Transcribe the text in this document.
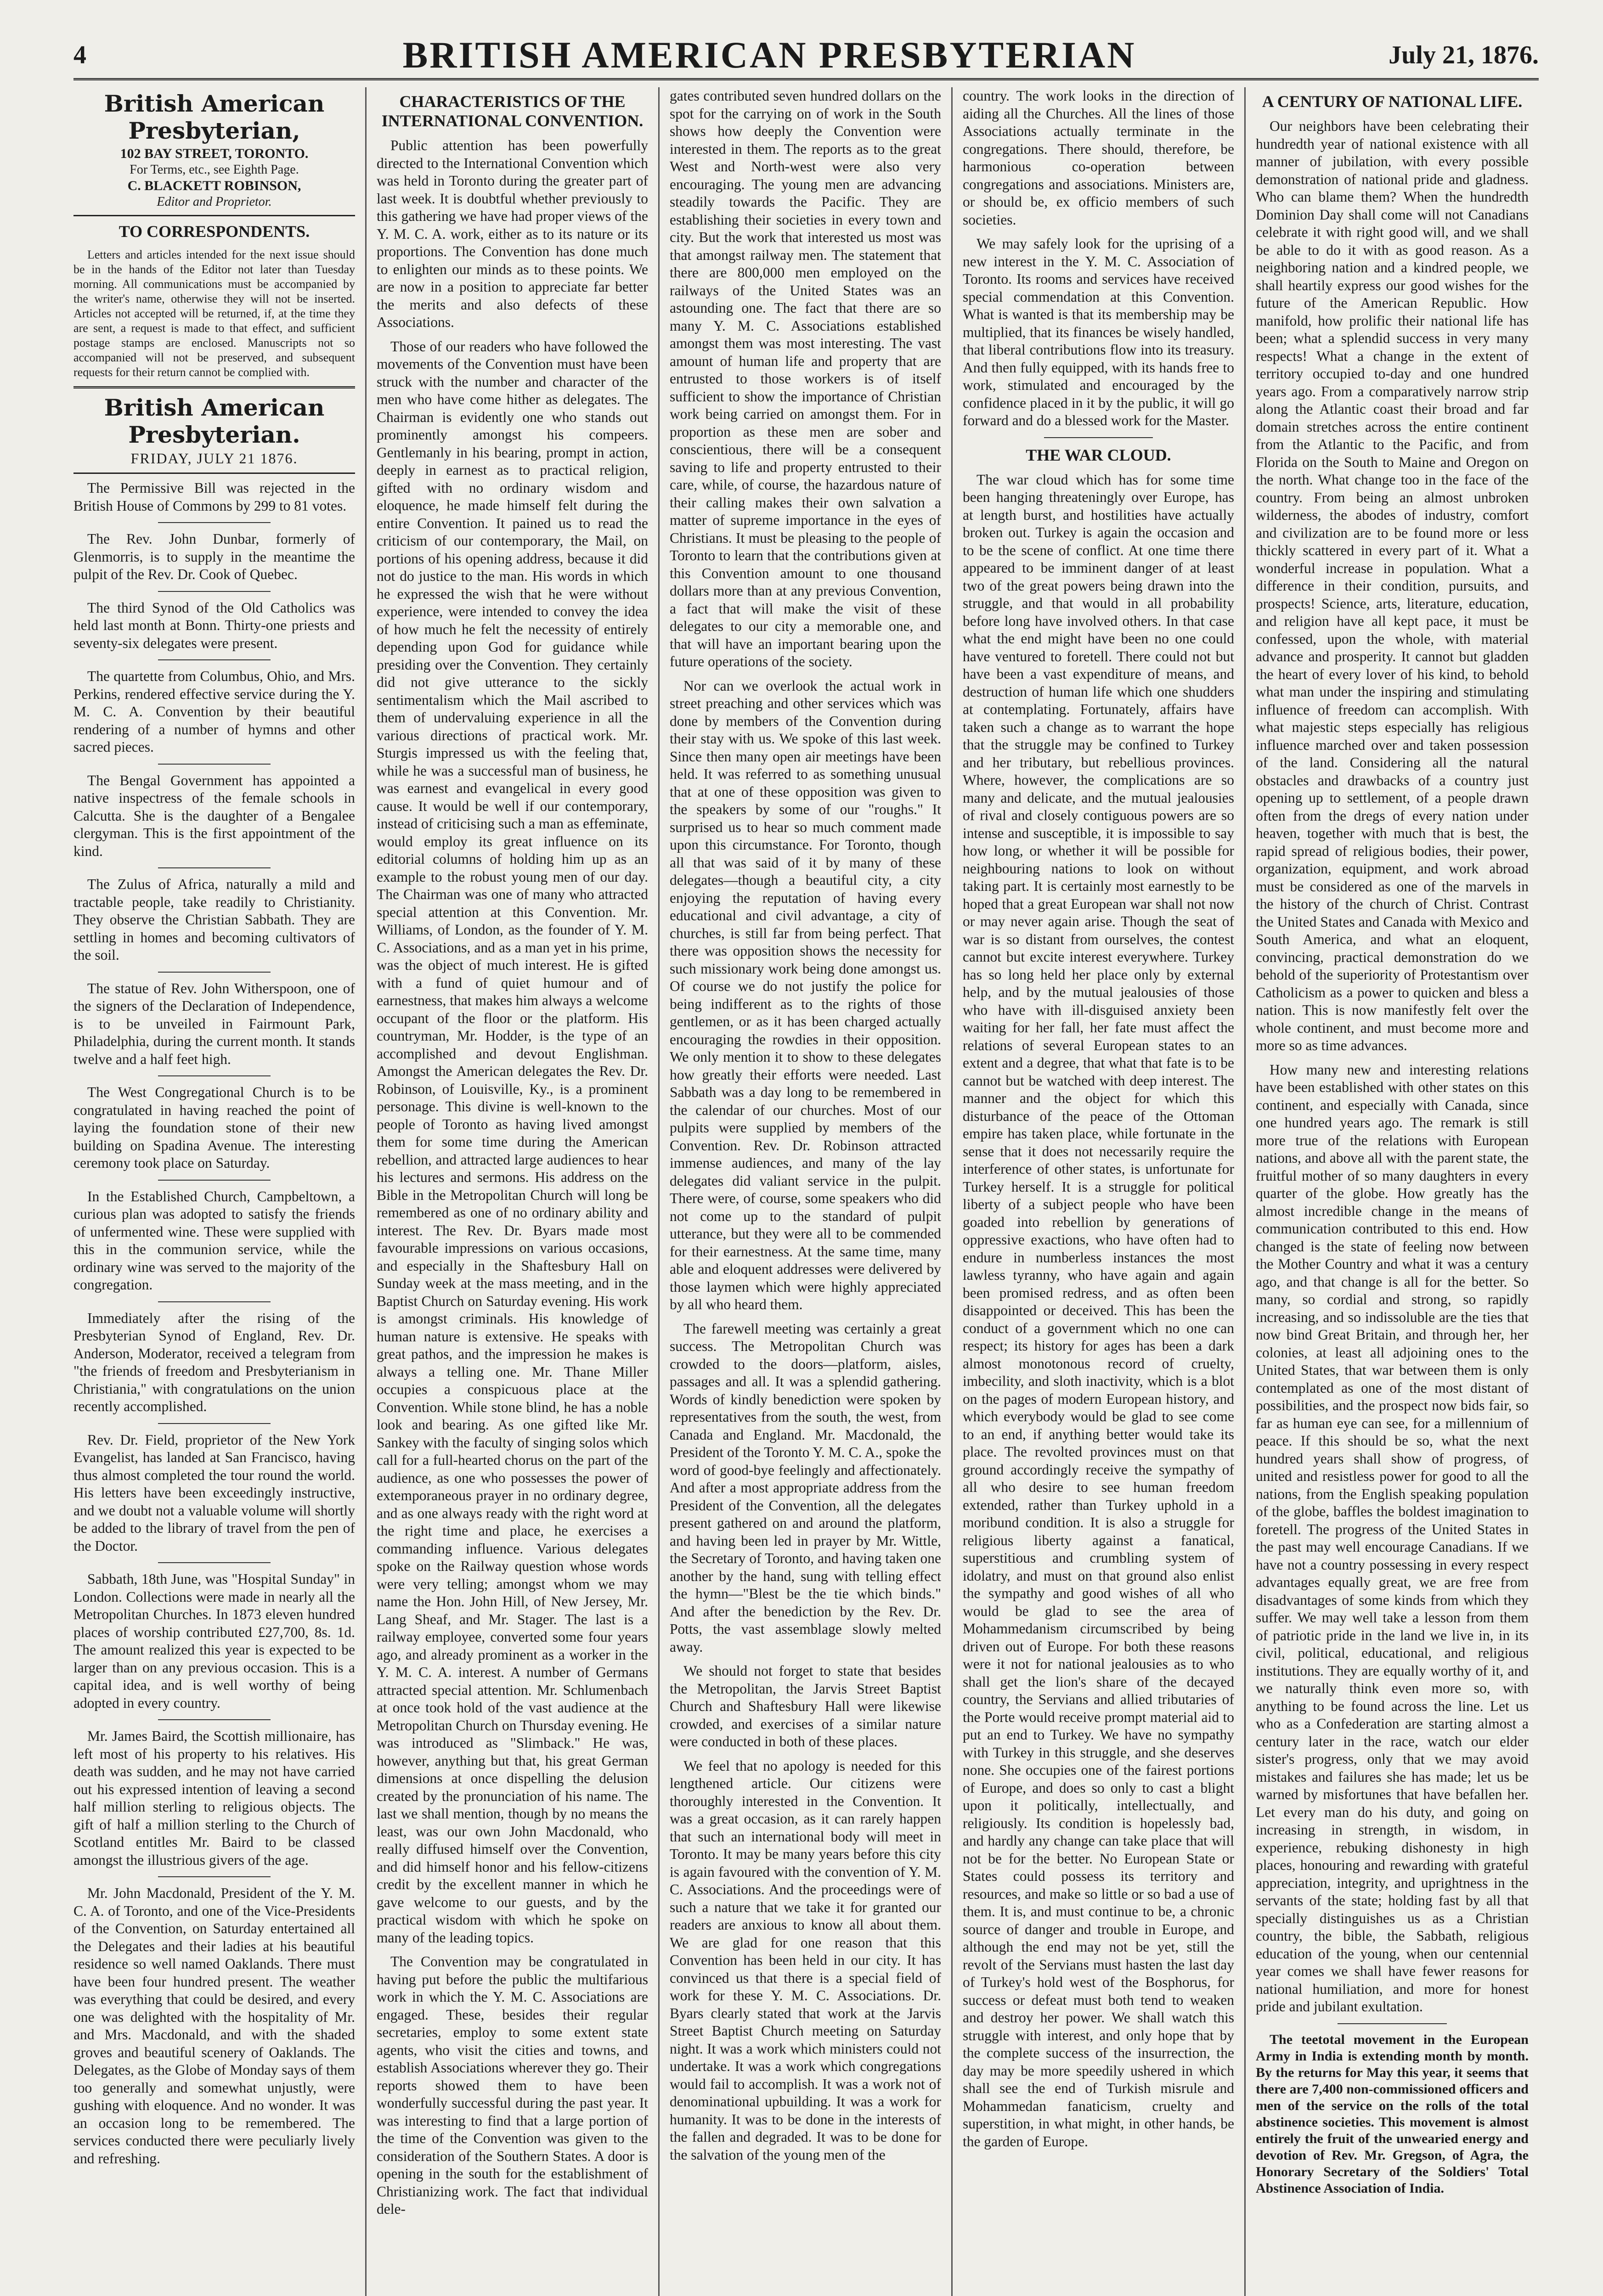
4	BRITISH AMERICAN PRESBYTERIAN	July 21, 1876.
British American Presbyterian,
102 BAY STREET, TORONTO.
For Terms, etc., see Eighth Page.
C. BLACKETT ROBINSON,
Editor and Proprietor.
TO CORRESPONDENTS.

Letters and articles intended for the next issue should be in the hands of the Editor not later than Tuesday morning. All communications must be accompanied by the writer's name, otherwise they will not be inserted. Articles not accepted will be returned, if, at the time they are sent, a request is made to that effect, and sufficient postage stamps are enclosed. Manuscripts not so accompanied will not be preserved, and subsequent requests for their return cannot be complied with.

British American Presbyterian.
FRIDAY, JULY 21 1876.

The Permissive Bill was rejected in the British House of Commons by 299 to 81 votes.

The Rev. John Dunbar, formerly of Glenmorris, is to supply in the meantime the pulpit of the Rev. Dr. Cook of Quebec.

The third Synod of the Old Catholics was held last month at Bonn. Thirty-one priests and seventy-six delegates were present.

The quartette from Columbus, Ohio, and Mrs. Perkins, rendered effective service during the Y. M. C. A. Convention by their beautiful rendering of a number of hymns and other sacred pieces.

The Bengal Government has appointed a native inspectress of the female schools in Calcutta. She is the daughter of a Bengalee clergyman. This is the first appointment of the kind.

The Zulus of Africa, naturally a mild and tractable people, take readily to Christianity. They observe the Christian Sabbath. They are settling in homes and becoming cultivators of the soil.

The statue of Rev. John Witherspoon, one of the signers of the Declaration of Independence, is to be unveiled in Fairmount Park, Philadelphia, during the current month. It stands twelve and a half feet high.

The West Congregational Church is to be congratulated in having reached the point of laying the foundation stone of their new building on Spadina Avenue. The interesting ceremony took place on Saturday.

In the Established Church, Campbeltown, a curious plan was adopted to satisfy the friends of unfermented wine. These were supplied with this in the communion service, while the ordinary wine was served to the majority of the congregation.

Immediately after the rising of the Presbyterian Synod of England, Rev. Dr. Anderson, Moderator, received a telegram from "the friends of freedom and Presbyterianism in Christiania," with congratulations on the union recently accomplished.

Rev. Dr. Field, proprietor of the New York Evangelist, has landed at San Francisco, having thus almost completed the tour round the world. His letters have been exceedingly instructive, and we doubt not a valuable volume will shortly be added to the library of travel from the pen of the Doctor.

Sabbath, 18th June, was "Hospital Sunday" in London. Collections were made in nearly all the Metropolitan Churches. In 1873 eleven hundred places of worship contributed £27,700, 8s. 1d. The amount realized this year is expected to be larger than on any previous occasion. This is a capital idea, and is well worthy of being adopted in every country.

Mr. James Baird, the Scottish millionaire, has left most of his property to his relatives. His death was sudden, and he may not have carried out his expressed intention of leaving a second half million sterling to religious objects. The gift of half a million sterling to the Church of Scotland entitles Mr. Baird to be classed amongst the illustrious givers of the age.

Mr. John Macdonald, President of the Y. M. C. A. of Toronto, and one of the Vice-Presidents of the Convention, on Saturday entertained all the Delegates and their ladies at his beautiful residence so well named Oaklands. There must have been four hundred present. The weather was everything that could be desired, and every one was delighted with the hospitality of Mr. and Mrs. Macdonald, and with the shaded groves and beautiful scenery of Oaklands. The Delegates, as the Globe of Monday says of them too generally and somewhat unjustly, were gushing with eloquence. And no wonder. It was an occasion long to be remembered. The services conducted there were peculiarly lively and refreshing.

CHARACTERISTICS OF THE INTERNATIONAL CONVENTION.

Public attention has been powerfully directed to the International Convention which was held in Toronto during the greater part of last week. It is doubtful whether previously to this gathering we have had proper views of the Y. M. C. A. work, either as to its nature or its proportions. The Convention has done much to enlighten our minds as to these points. We are now in a position to appreciate far better the merits and also defects of these Associations.

Those of our readers who have followed the movements of the Convention must have been struck with the number and character of the men who have come hither as delegates. The Chairman is evidently one who stands out prominently amongst his compeers. Gentlemanly in his bearing, prompt in action, deeply in earnest as to practical religion, gifted with no ordinary wisdom and eloquence, he made himself felt during the entire Convention. It pained us to read the criticism of our contemporary, the Mail, on portions of his opening address, because it did not do justice to the man. His words in which he expressed the wish that he were without experience, were intended to convey the idea of how much he felt the necessity of entirely depending upon God for guidance while presiding over the Convention. They certainly did not give utterance to the sickly sentimentalism which the Mail ascribed to them of undervaluing experience in all the various directions of practical work. Mr. Sturgis impressed us with the feeling that, while he was a successful man of business, he was earnest and evangelical in every good cause. It would be well if our contemporary, instead of criticising such a man as effeminate, would employ its great influence on its editorial columns of holding him up as an example to the robust young men of our day. The Chairman was one of many who attracted special attention at this Convention. Mr. Williams, of London, as the founder of Y. M. C. Associations, and as a man yet in his prime, was the object of much interest. He is gifted with a fund of quiet humour and of earnestness, that makes him always a welcome occupant of the floor or the platform. His countryman, Mr. Hodder, is the type of an accomplished and devout Englishman. Amongst the American delegates the Rev. Dr. Robinson, of Louisville, Ky., is a prominent personage. This divine is well-known to the people of Toronto as having lived amongst them for some time during the American rebellion, and attracted large audiences to hear his lectures and sermons. His address on the Bible in the Metropolitan Church will long be remembered as one of no ordinary ability and interest. The Rev. Dr. Byars made most favourable impressions on various occasions, and especially in the Shaftesbury Hall on Sunday week at the mass meeting, and in the Baptist Church on Saturday evening. His work is amongst criminals. His knowledge of human nature is extensive. He speaks with great pathos, and the impression he makes is always a telling one. Mr. Thane Miller occupies a conspicuous place at the Convention. While stone blind, he has a noble look and bearing. As one gifted like Mr. Sankey with the faculty of singing solos which call for a full-hearted chorus on the part of the audience, as one who possesses the power of extemporaneous prayer in no ordinary degree, and as one always ready with the right word at the right time and place, he exercises a commanding influence. Various delegates spoke on the Railway question whose words were very telling; amongst whom we may name the Hon. John Hill, of New Jersey, Mr. Lang Sheaf, and Mr. Stager. The last is a railway employee, converted some four years ago, and already prominent as a worker in the Y. M. C. A. interest. A number of Germans attracted special attention. Mr. Schlumenbach at once took hold of the vast audience at the Metropolitan Church on Thursday evening. He was introduced as "Slimback." He was, however, anything but that, his great German dimensions at once dispelling the delusion created by the pronunciation of his name. The last we shall mention, though by no means the least, was our own John Macdonald, who really diffused himself over the Convention, and did himself honor and his fellow-citizens credit by the excellent manner in which he gave welcome to our guests, and by the practical wisdom with which he spoke on many of the leading topics.

The Convention may be congratulated in having put before the public the multifarious work in which the Y. M. C. Associations are engaged. These, besides their regular secretaries, employ to some extent state agents, who visit the cities and towns, and establish Associations wherever they go. Their reports showed them to have been wonderfully successful during the past year. It was interesting to find that a large portion of the time of the Convention was given to the consideration of the Southern States. A door is opening in the south for the establishment of Christianizing work. The fact that individual dele-

gates contributed seven hundred dollars on the spot for the carrying on of work in the South shows how deeply the Convention were interested in them. The reports as to the great West and North-west were also very encouraging. The young men are advancing steadily towards the Pacific. They are establishing their societies in every town and city. But the work that interested us most was that amongst railway men. The statement that there are 800,000 men employed on the railways of the United States was an astounding one. The fact that there are so many Y. M. C. Associations established amongst them was most interesting. The vast amount of human life and property that are entrusted to those workers is of itself sufficient to show the importance of Christian work being carried on amongst them. For in proportion as these men are sober and conscientious, there will be a consequent saving to life and property entrusted to their care, while, of course, the hazardous nature of their calling makes their own salvation a matter of supreme importance in the eyes of Christians. It must be pleasing to the people of Toronto to learn that the contributions given at this Convention amount to one thousand dollars more than at any previous Convention, a fact that will make the visit of these delegates to our city a memorable one, and that will have an important bearing upon the future operations of the society.

Nor can we overlook the actual work in street preaching and other services which was done by members of the Convention during their stay with us. We spoke of this last week. Since then many open air meetings have been held. It was referred to as something unusual that at one of these opposition was given to the speakers by some of our "roughs." It surprised us to hear so much comment made upon this circumstance. For Toronto, though all that was said of it by many of these delegates—though a beautiful city, a city enjoying the reputation of having every educational and civil advantage, a city of churches, is still far from being perfect. That there was opposition shows the necessity for such missionary work being done amongst us. Of course we do not justify the police for being indifferent as to the rights of those gentlemen, or as it has been charged actually encouraging the rowdies in their opposition. We only mention it to show to these delegates how greatly their efforts were needed. Last Sabbath was a day long to be remembered in the calendar of our churches. Most of our pulpits were supplied by members of the Convention. Rev. Dr. Robinson attracted immense audiences, and many of the lay delegates did valiant service in the pulpit. There were, of course, some speakers who did not come up to the standard of pulpit utterance, but they were all to be commended for their earnestness. At the same time, many able and eloquent addresses were delivered by those laymen which were highly appreciated by all who heard them.

The farewell meeting was certainly a great success. The Metropolitan Church was crowded to the doors—platform, aisles, passages and all. It was a splendid gathering. Words of kindly benediction were spoken by representatives from the south, the west, from Canada and England. Mr. Macdonald, the President of the Toronto Y. M. C. A., spoke the word of good-bye feelingly and affectionately. And after a most appropriate address from the President of the Convention, all the delegates present gathered on and around the platform, and having been led in prayer by Mr. Wittle, the Secretary of Toronto, and having taken one another by the hand, sung with telling effect the hymn—"Blest be the tie which binds." And after the benediction by the Rev. Dr. Potts, the vast assemblage slowly melted away.

We should not forget to state that besides the Metropolitan, the Jarvis Street Baptist Church and Shaftesbury Hall were likewise crowded, and exercises of a similar nature were conducted in both of these places.

We feel that no apology is needed for this lengthened article. Our citizens were thoroughly interested in the Convention. It was a great occasion, as it can rarely happen that such an international body will meet in Toronto. It may be many years before this city is again favoured with the convention of Y. M. C. Associations. And the proceedings were of such a nature that we take it for granted our readers are anxious to know all about them. We are glad for one reason that this Convention has been held in our city. It has convinced us that there is a special field of work for these Y. M. C. Associations. Dr. Byars clearly stated that work at the Jarvis Street Baptist Church meeting on Saturday night. It was a work which ministers could not undertake. It was a work which congregations would fail to accomplish. It was a work not of denominational upbuilding. It was a work for humanity. It was to be done in the interests of the fallen and degraded. It was to be done for the salvation of the young men of the

country. The work looks in the direction of aiding all the Churches. All the lines of those Associations actually terminate in the congregations. There should, therefore, be harmonious co-operation between congregations and associations. Ministers are, or should be, ex officio members of such societies.

We may safely look for the uprising of a new interest in the Y. M. C. Association of Toronto. Its rooms and services have received special commendation at this Convention. What is wanted is that its membership may be multiplied, that its finances be wisely handled, that liberal contributions flow into its treasury. And then fully equipped, with its hands free to work, stimulated and encouraged by the confidence placed in it by the public, it will go forward and do a blessed work for the Master.

THE WAR CLOUD.

The war cloud which has for some time been hanging threateningly over Europe, has at length burst, and hostilities have actually broken out. Turkey is again the occasion and to be the scene of conflict. At one time there appeared to be imminent danger of at least two of the great powers being drawn into the struggle, and that would in all probability before long have involved others. In that case what the end might have been no one could have ventured to foretell. There could not but have been a vast expenditure of means, and destruction of human life which one shudders at contemplating. Fortunately, affairs have taken such a change as to warrant the hope that the struggle may be confined to Turkey and her tributary, but rebellious provinces. Where, however, the complications are so many and delicate, and the mutual jealousies of rival and closely contiguous powers are so intense and susceptible, it is impossible to say how long, or whether it will be possible for neighbouring nations to look on without taking part. It is certainly most earnestly to be hoped that a great European war shall not now or may never again arise. Though the seat of war is so distant from ourselves, the contest cannot but excite interest everywhere. Turkey has so long held her place only by external help, and by the mutual jealousies of those who have with ill-disguised anxiety been waiting for her fall, her fate must affect the relations of several European states to an extent and a degree, that what that fate is to be cannot but be watched with deep interest. The manner and the object for which this disturbance of the peace of the Ottoman empire has taken place, while fortunate in the sense that it does not necessarily require the interference of other states, is unfortunate for Turkey herself. It is a struggle for political liberty of a subject people who have been goaded into rebellion by generations of oppressive exactions, who have often had to endure in numberless instances the most lawless tyranny, who have again and again been promised redress, and as often been disappointed or deceived. This has been the conduct of a government which no one can respect; its history for ages has been a dark almost monotonous record of cruelty, imbecility, and sloth inactivity, which is a blot on the pages of modern European history, and which everybody would be glad to see come to an end, if anything better would take its place. The revolted provinces must on that ground accordingly receive the sympathy of all who desire to see human freedom extended, rather than Turkey uphold in a moribund condition. It is also a struggle for religious liberty against a fanatical, superstitious and crumbling system of idolatry, and must on that ground also enlist the sympathy and good wishes of all who would be glad to see the area of Mohammedanism circumscribed by being driven out of Europe. For both these reasons were it not for national jealousies as to who shall get the lion's share of the decayed country, the Servians and allied tributaries of the Porte would receive prompt material aid to put an end to Turkey. We have no sympathy with Turkey in this struggle, and she deserves none. She occupies one of the fairest portions of Europe, and does so only to cast a blight upon it politically, intellectually, and religiously. Its condition is hopelessly bad, and hardly any change can take place that will not be for the better. No European State or States could possess its territory and resources, and make so little or so bad a use of them. It is, and must continue to be, a chronic source of danger and trouble in Europe, and although the end may not be yet, still the revolt of the Servians must hasten the last day of Turkey's hold west of the Bosphorus, for success or defeat must both tend to weaken and destroy her power. We shall watch this struggle with interest, and only hope that by the complete success of the insurrection, the day may be more speedily ushered in which shall see the end of Turkish misrule and Mohammedan fanaticism, cruelty and superstition, in what might, in other hands, be the garden of Europe.

A CENTURY OF NATIONAL LIFE.

Our neighbors have been celebrating their hundredth year of national existence with all manner of jubilation, with every possible demonstration of national pride and gladness. Who can blame them? When the hundredth Dominion Day shall come will not Canadians celebrate it with right good will, and we shall be able to do it with as good reason. As a neighboring nation and a kindred people, we shall heartily express our good wishes for the future of the American Republic. How manifold, how prolific their national life has been; what a splendid success in very many respects! What a change in the extent of territory occupied to-day and one hundred years ago. From a comparatively narrow strip along the Atlantic coast their broad and far domain stretches across the entire continent from the Atlantic to the Pacific, and from Florida on the South to Maine and Oregon on the north. What change too in the face of the country. From being an almost unbroken wilderness, the abodes of industry, comfort and civilization are to be found more or less thickly scattered in every part of it. What a wonderful increase in population. What a difference in their condition, pursuits, and prospects! Science, arts, literature, education, and religion have all kept pace, it must be confessed, upon the whole, with material advance and prosperity. It cannot but gladden the heart of every lover of his kind, to behold what man under the inspiring and stimulating influence of freedom can accomplish. With what majestic steps especially has religious influence marched over and taken possession of the land. Considering all the natural obstacles and drawbacks of a country just opening up to settlement, of a people drawn often from the dregs of every nation under heaven, together with much that is best, the rapid spread of religious bodies, their power, organization, equipment, and work abroad must be considered as one of the marvels in the history of the church of Christ. Contrast the United States and Canada with Mexico and South America, and what an eloquent, convincing, practical demonstration do we behold of the superiority of Protestantism over Catholicism as a power to quicken and bless a nation. This is now manifestly felt over the whole continent, and must become more and more so as time advances.

How many new and interesting relations have been established with other states on this continent, and especially with Canada, since one hundred years ago. The remark is still more true of the relations with European nations, and above all with the parent state, the fruitful mother of so many daughters in every quarter of the globe. How greatly has the almost incredible change in the means of communication contributed to this end. How changed is the state of feeling now between the Mother Country and what it was a century ago, and that change is all for the better. So many, so cordial and strong, so rapidly increasing, and so indissoluble are the ties that now bind Great Britain, and through her, her colonies, at least all adjoining ones to the United States, that war between them is only contemplated as one of the most distant of possibilities, and the prospect now bids fair, so far as human eye can see, for a millennium of peace. If this should be so, what the next hundred years shall show of progress, of united and resistless power for good to all the nations, from the English speaking population of the globe, baffles the boldest imagination to foretell. The progress of the United States in the past may well encourage Canadians. If we have not a country possessing in every respect advantages equally great, we are free from disadvantages of some kinds from which they suffer. We may well take a lesson from them of patriotic pride in the land we live in, in its civil, political, educational, and religious institutions. They are equally worthy of it, and we naturally think even more so, with anything to be found across the line. Let us who as a Confederation are starting almost a century later in the race, watch our elder sister's progress, only that we may avoid mistakes and failures she has made; let us be warned by misfortunes that have befallen her. Let every man do his duty, and going on increasing in strength, in wisdom, in experience, rebuking dishonesty in high places, honouring and rewarding with grateful appreciation, integrity, and uprightness in the servants of the state; holding fast by all that specially distinguishes us as a Christian country, the bible, the Sabbath, religious education of the young, when our centennial year comes we shall have fewer reasons for national humiliation, and more for honest pride and jubilant exultation.

The teetotal movement in the European Army in India is extending month by month. By the returns for May this year, it seems that there are 7,400 non-commissioned officers and men of the service on the rolls of the total abstinence societies. This movement is almost entirely the fruit of the unwearied energy and devotion of Rev. Mr. Gregson, of Agra, the Honorary Secretary of the Soldiers' Total Abstinence Association of India.
